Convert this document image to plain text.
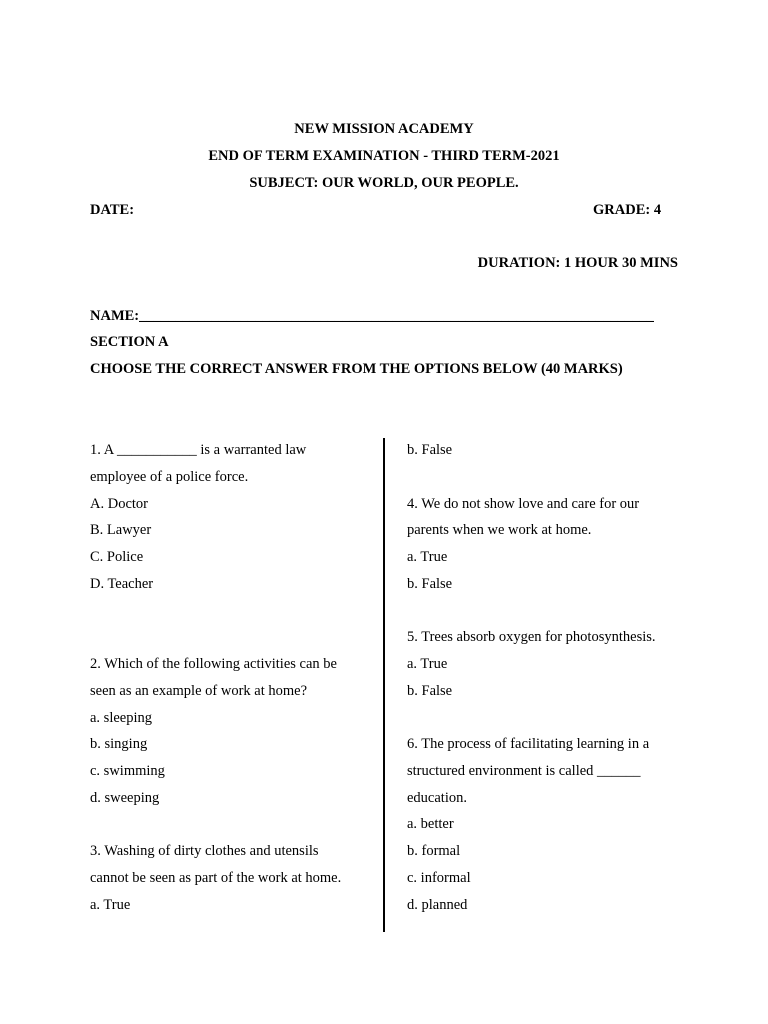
NEW MISSION ACADEMY
END OF TERM EXAMINATION - THIRD TERM-2021
SUBJECT: OUR WORLD, OUR PEOPLE.
DATE:	GRADE: 4
DURATION: 1 HOUR 30 MINS
NAME:_______________________________________________________________________
SECTION A
CHOOSE THE CORRECT ANSWER FROM THE OPTIONS BELOW (40 MARKS)
1. A ___________ is a warranted law
employee of a police force.
A. Doctor
B. Lawyer
C. Police
D. Teacher
2. Which of the following activities can be
seen as an example of work at home?
a. sleeping
b. singing
c. swimming
d. sweeping
3. Washing of dirty clothes and utensils
cannot be seen as part of the work at home.
a. True
b. False
4. We do not show love and care for our
parents when we work at home.
a. True
b. False
5. Trees absorb oxygen for photosynthesis.
a. True
b. False
6. The process of facilitating learning in a
structured environment is called ______
education.
a. better
b. formal
c. informal
d. planned
